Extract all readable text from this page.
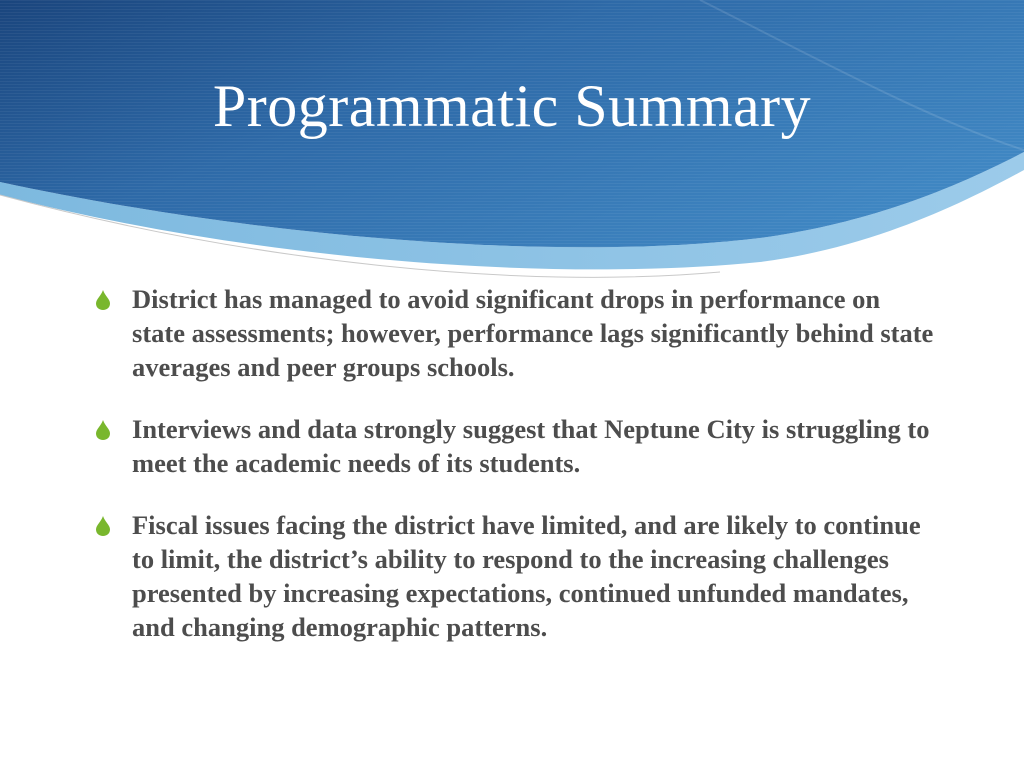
Programmatic Summary
District has managed to avoid significant drops in performance on state assessments; however, performance lags significantly behind state averages and peer groups schools.
Interviews and data strongly suggest that Neptune City is struggling to meet the academic needs of its students.
Fiscal issues facing the district have limited, and are likely to continue to limit, the district’s ability to respond to the increasing challenges presented by increasing expectations, continued unfunded mandates, and changing demographic patterns.
